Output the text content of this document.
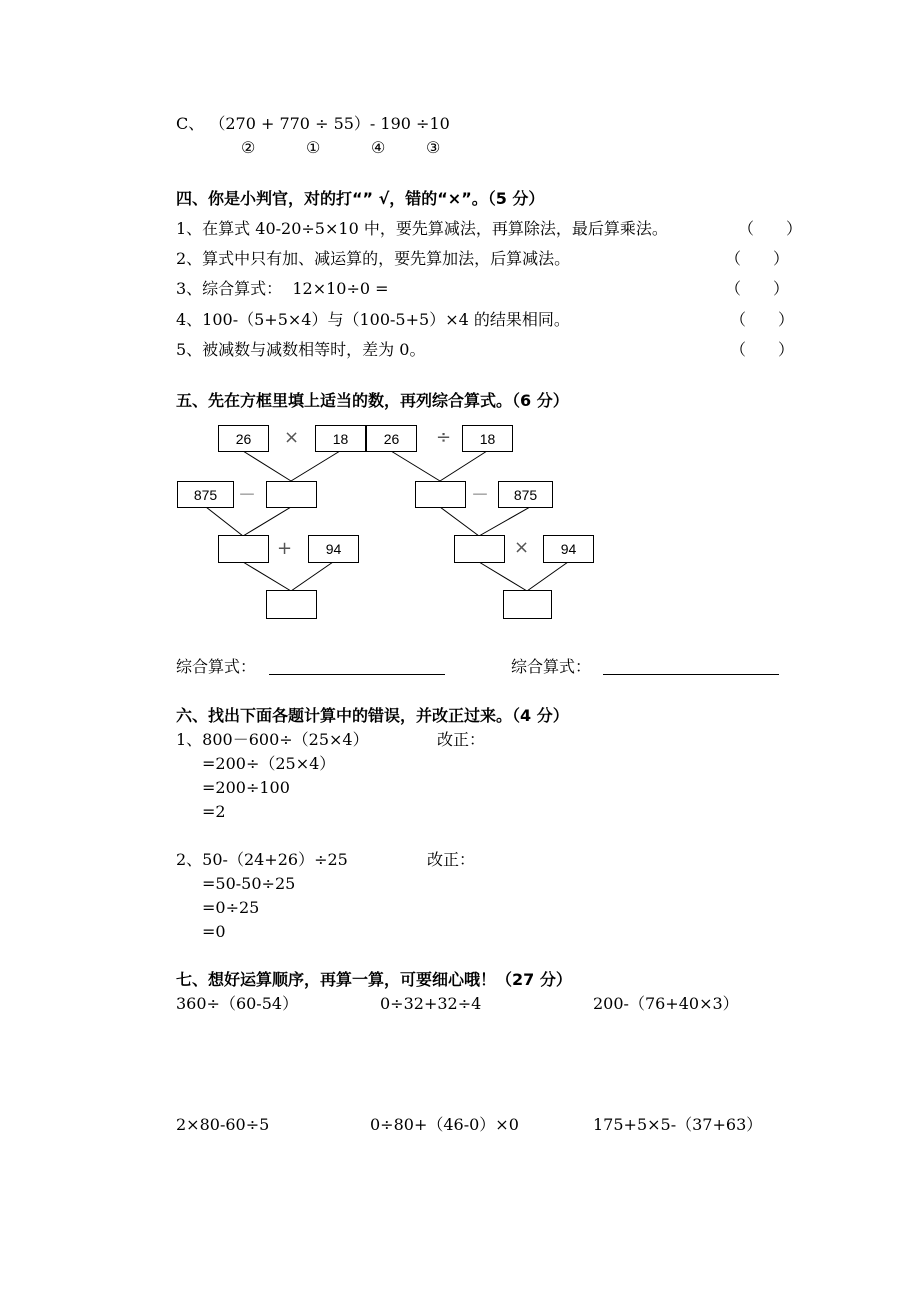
C、 （270 + 770 ÷ 55）- 190 ÷10
②	①	④	③
四、你是小判官，对的打“” √，错的“×”。（5 分）
1、在算式 40-20÷5×10 中，要先算减法，再算除法，最后算乘法。	（　　）
2、算式中只有加、减运算的，要先算加法，后算减法。	（　　）
3、综合算式：  12×10÷0 =	（　　）
4、100-（5+5×4）与（100-5+5）×4 的结果相同。	（　　）
5、被减数与减数相等时，差为 0。	（　　）
五、先在方框里填上适当的数，再列综合算式。（6 分）
26	×	18
875	－
+	94
26	÷	18
－	875
×	94
综合算式：	综合算式：
六、找出下面各题计算中的错误，并改正过来。（4 分）
1、800－600÷（25×4）	改正：
=200÷（25×4）
=200÷100
=2
2、50-（24+26）÷25	改正：
=50-50÷25
=0÷25
=0
七、想好运算顺序，再算一算，可要细心哦！（27 分）
360÷（60-54）	0÷32+32÷4	200-（76+40×3）
2×80-60÷5	0÷80+（46-0）×0	175+5×5-（37+63）
